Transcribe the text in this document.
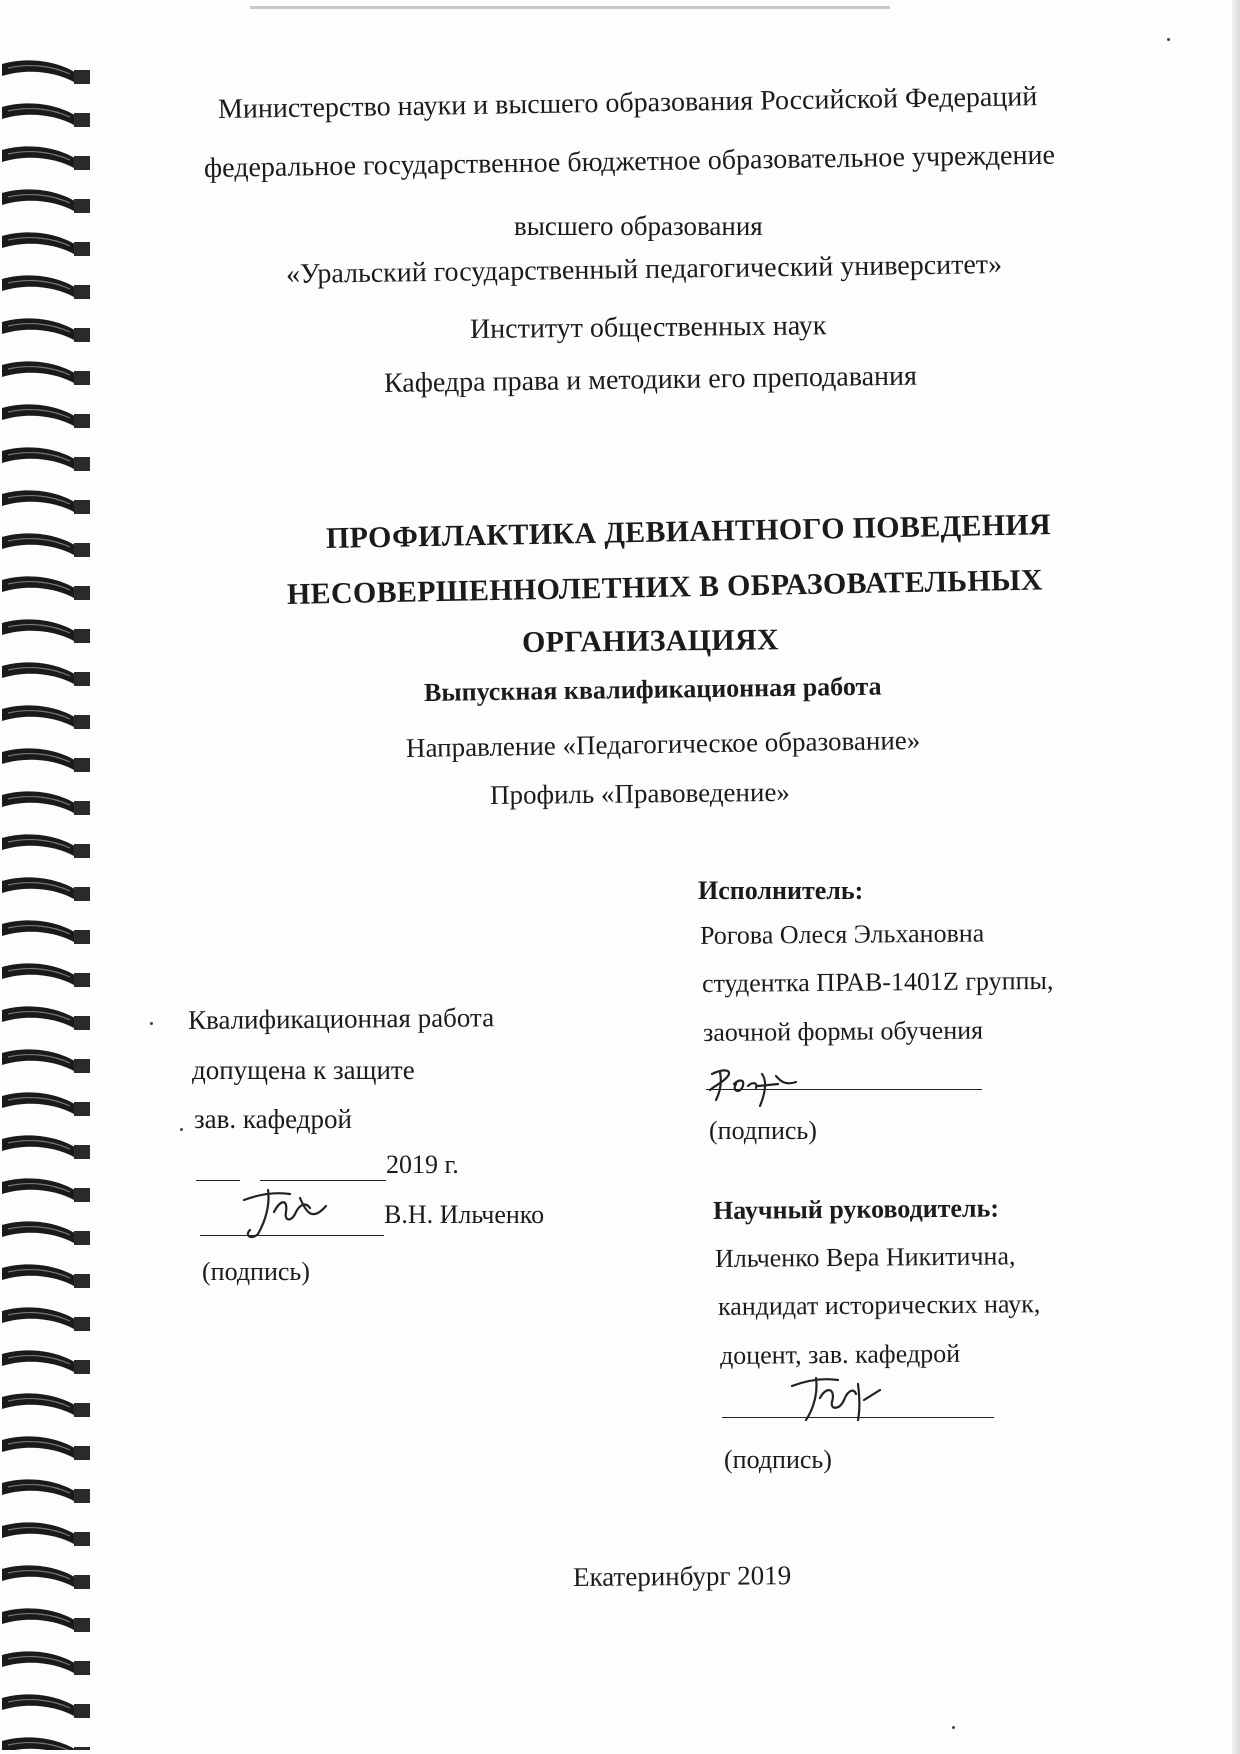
Министерство науки и высшего образования Российской Федераций
федеральное государственное бюджетное образовательное учреждение
высшего образования
«Уральский государственный педагогический университет»
Институт общественных наук
Кафедра права и методики его преподавания
ПРОФИЛАКТИКА ДЕВИАНТНОГО ПОВЕДЕНИЯ
НЕСОВЕРШЕННОЛЕТНИХ В ОБРАЗОВАТЕЛЬНЫХ
ОРГАНИЗАЦИЯХ
Выпускная квалификационная работа
Направление «Педагогическое образование»
Профиль «Правоведение»
Исполнитель:
Рогова Олеся Эльхановна
студентка ПРАВ-1401Z группы,
заочной формы обучения
(подпись)
Квалификационная работа
допущена к защите
зав. кафедрой
2019 г.
В.Н. Ильченко
(подпись)
Научный руководитель:
Ильченко Вера Никитична,
кандидат исторических наук,
доцент, зав. кафедрой
(подпись)
Екатеринбург 2019
